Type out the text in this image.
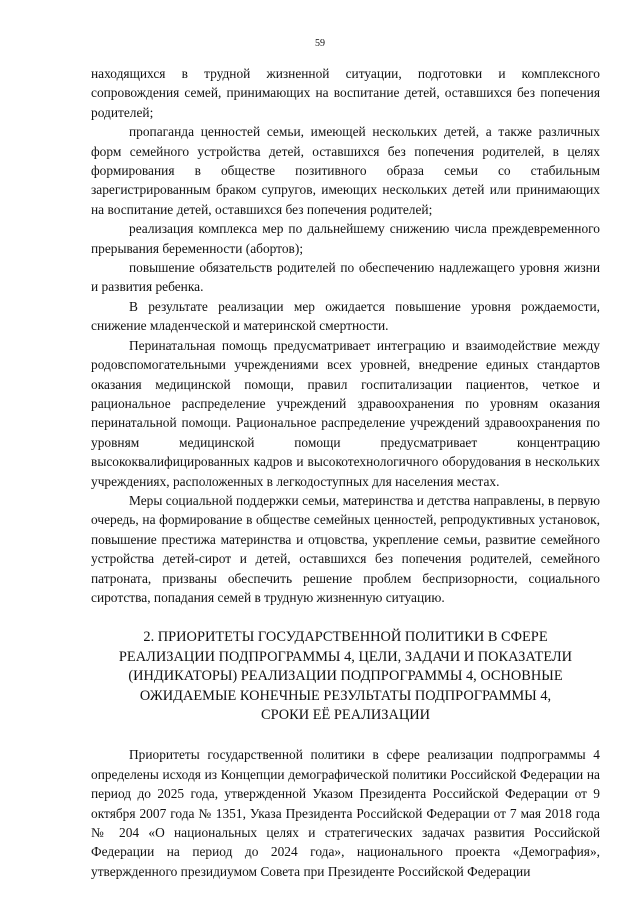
59

находящихся в трудной жизненной ситуации, подготовки и комплексного сопровождения семей, принимающих на воспитание детей, оставшихся без попечения родителей;

пропаганда ценностей семьи, имеющей нескольких детей, а также различных форм семейного устройства детей, оставшихся без попечения родителей, в целях формирования в обществе позитивного образа семьи со стабильным зарегистрированным браком супругов, имеющих нескольких детей или принимающих на воспитание детей, оставшихся без попечения родителей;

реализация комплекса мер по дальнейшему снижению числа преждевременного прерывания беременности (абортов);

повышение обязательств родителей по обеспечению надлежащего уровня жизни и развития ребенка.

В результате реализации мер ожидается повышение уровня рождаемости, снижение младенческой и материнской смертности.

Перинатальная помощь предусматривает интеграцию и взаимодействие между родовспомогательными учреждениями всех уровней, внедрение единых стандартов оказания медицинской помощи, правил госпитализации пациентов, четкое и рациональное распределение учреждений здравоохранения по уровням оказания перинатальной помощи. Рациональное распределение учреждений здравоохранения по уровням медицинской помощи предусматривает концентрацию высококвалифицированных кадров и высокотехнологичного оборудования в нескольких учреждениях, расположенных в легкодоступных для населения местах.

Меры социальной поддержки семьи, материнства и детства направлены, в первую очередь, на формирование в обществе семейных ценностей, репродуктивных установок, повышение престижа материнства и отцовства, укрепление семьи, развитие семейного устройства детей-сирот и детей, оставшихся без попечения родителей, семейного патроната, призваны обеспечить решение проблем беспризорности, социального сиротства, попадания семей в трудную жизненную ситуацию.

2. ПРИОРИТЕТЫ ГОСУДАРСТВЕННОЙ ПОЛИТИКИ В СФЕРЕ
РЕАЛИЗАЦИИ ПОДПРОГРАММЫ 4, ЦЕЛИ, ЗАДАЧИ И ПОКАЗАТЕЛИ
(ИНДИКАТОРЫ) РЕАЛИЗАЦИИ ПОДПРОГРАММЫ 4, ОСНОВНЫЕ
ОЖИДАЕМЫЕ КОНЕЧНЫЕ РЕЗУЛЬТАТЫ ПОДПРОГРАММЫ 4,
СРОКИ ЕЁ РЕАЛИЗАЦИИ

Приоритеты государственной политики в сфере реализации подпрограммы 4 определены исходя из Концепции демографической политики Российской Федерации на период до 2025 года, утвержденной Указом Президента Российской Федерации от 9 октября 2007 года № 1351, Указа Президента Российской Федерации от 7 мая 2018 года № 204 «О национальных целях и стратегических задачах развития Российской Федерации на период до 2024 года», национального проекта «Демография», утвержденного президиумом Совета при Президенте Российской Федерации
